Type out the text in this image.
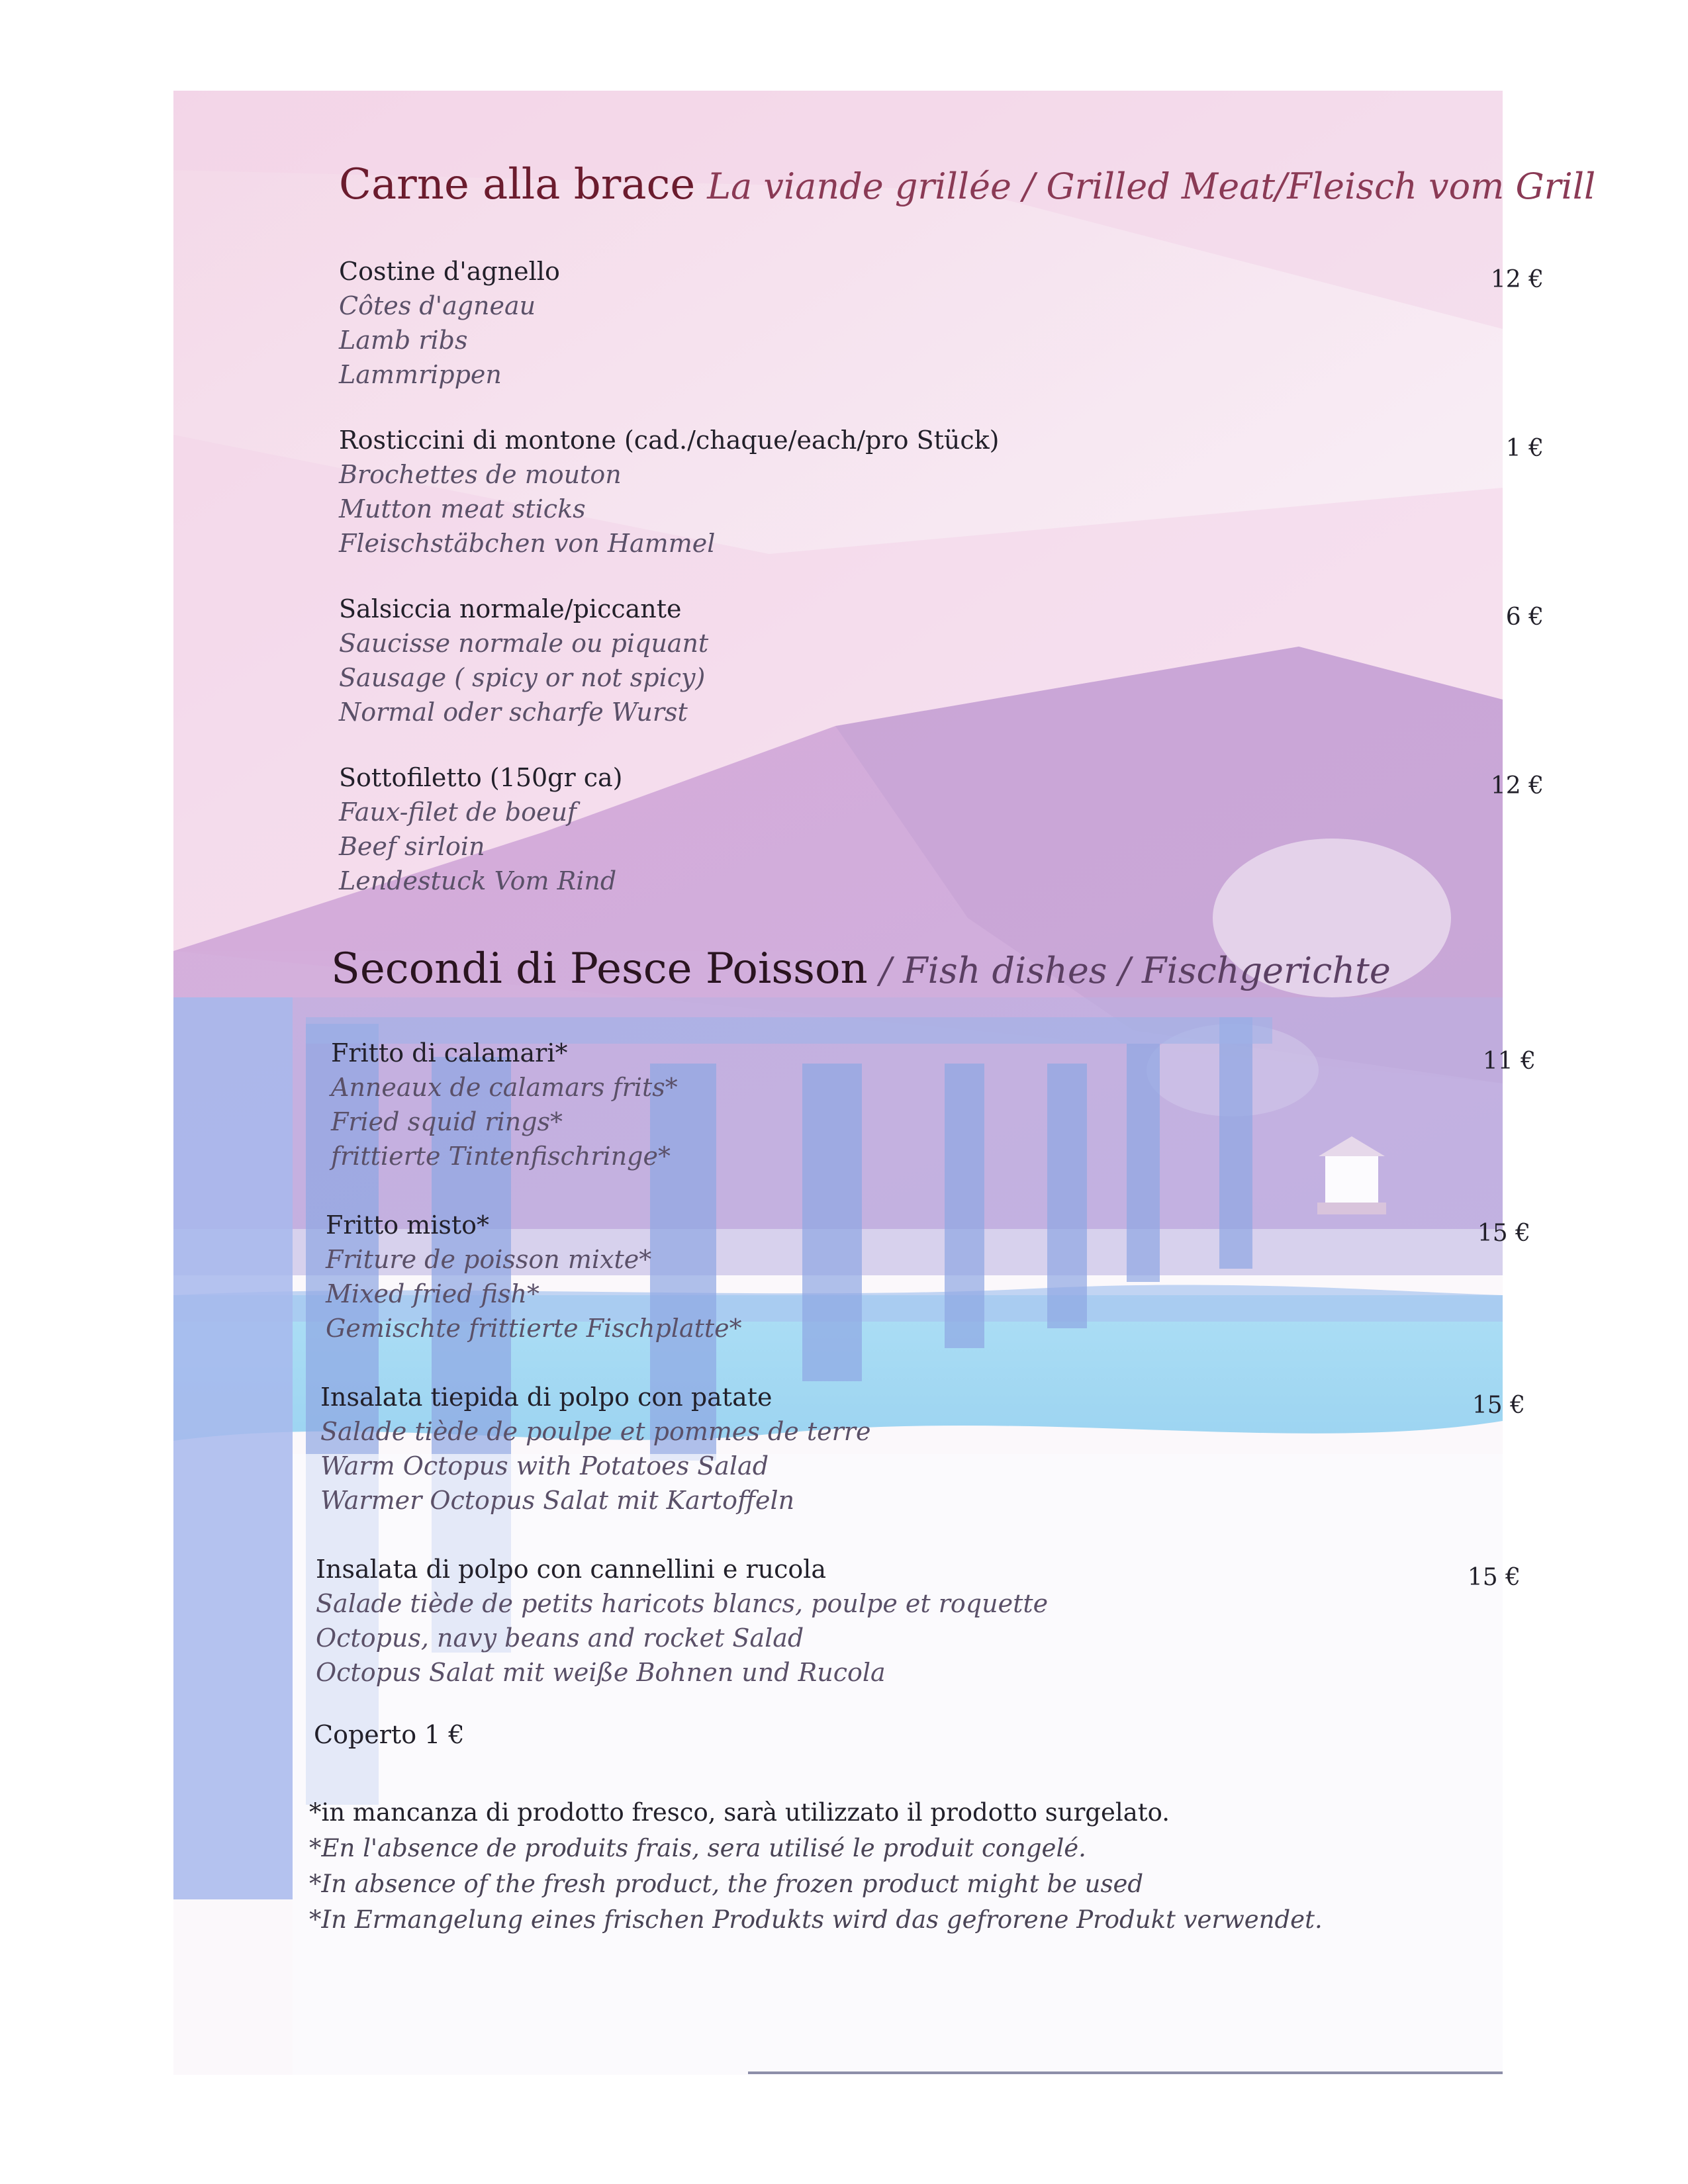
Carne alla brace La viande grillée / Grilled Meat/Fleisch vom Grill
Costine d'agnello
Côtes d'agneau
Lamb ribs
Lammrippen
12 €
Rosticcini di montone (cad./chaque/each/pro Stück)
Brochettes de mouton
Mutton meat sticks
Fleischstäbchen von Hammel
1 €
Salsiccia normale/piccante
Saucisse normale ou piquant
Sausage ( spicy or not spicy)
Normal oder scharfe Wurst
6 €
Sottofiletto (150gr ca)
Faux-filet de boeuf
Beef sirloin
Lendestuck Vom Rind
12 €
Secondi di Pesce Poisson / Fish dishes / Fischgerichte
Fritto di calamari*
Anneaux de calamars frits*
Fried squid rings*
frittierte Tintenfischringe*
11 €
Fritto misto*
Friture de poisson mixte*
Mixed fried fish*
Gemischte frittierte Fischplatte*
15 €
Insalata tiepida di polpo con patate
Salade tiède de poulpe et pommes de terre
Warm Octopus with Potatoes Salad
Warmer Octopus Salat mit Kartoffeln
15 €
Insalata di polpo con cannellini e rucola
Salade tiède de petits haricots blancs, poulpe et roquette
Octopus, navy beans and rocket Salad
Octopus Salat mit weiße Bohnen und Rucola
15 €
Coperto 1 €
*in mancanza di prodotto fresco, sarà utilizzato il prodotto surgelato.
*En l'absence de produits frais, sera utilisé le produit congelé.
*In absence of the fresh product, the frozen product might be used
*In Ermangelung eines frischen Produkts wird das gefrorene Produkt verwendet.
